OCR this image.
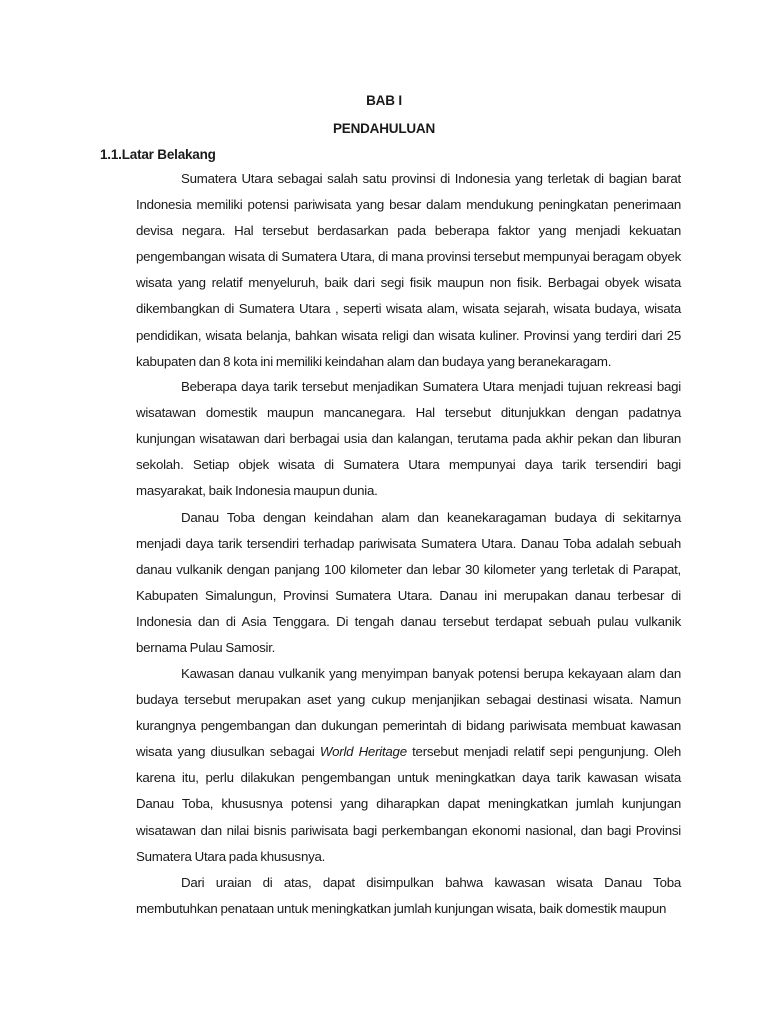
BAB I
PENDAHULUAN
1.1.Latar Belakang

Sumatera Utara sebagai salah satu provinsi di Indonesia yang terletak di bagian barat Indonesia memiliki potensi pariwisata yang besar dalam mendukung peningkatan penerimaan devisa negara. Hal tersebut berdasarkan pada beberapa faktor yang menjadi kekuatan pengembangan wisata di Sumatera Utara, di mana provinsi tersebut mempunyai beragam obyek wisata yang relatif menyeluruh, baik dari segi fisik maupun non fisik. Berbagai obyek wisata dikembangkan di Sumatera Utara , seperti wisata alam, wisata sejarah, wisata budaya, wisata pendidikan, wisata belanja, bahkan wisata religi dan wisata kuliner. Provinsi yang terdiri dari 25 kabupaten dan 8 kota ini memiliki keindahan alam dan budaya yang beranekaragam.

Beberapa daya tarik tersebut menjadikan Sumatera Utara menjadi tujuan rekreasi bagi wisatawan domestik maupun mancanegara. Hal tersebut ditunjukkan dengan padatnya kunjungan wisatawan dari berbagai usia dan kalangan, terutama pada akhir pekan dan liburan sekolah. Setiap objek wisata di Sumatera Utara mempunyai daya tarik tersendiri bagi masyarakat, baik Indonesia maupun dunia.

Danau Toba dengan keindahan alam dan keanekaragaman budaya di sekitarnya menjadi daya tarik tersendiri terhadap pariwisata Sumatera Utara. Danau Toba adalah sebuah danau vulkanik dengan panjang 100 kilometer dan lebar 30 kilometer yang terletak di Parapat, Kabupaten Simalungun, Provinsi Sumatera Utara. Danau ini merupakan danau terbesar di Indonesia dan di Asia Tenggara. Di tengah danau tersebut terdapat sebuah pulau vulkanik bernama Pulau Samosir.

Kawasan danau vulkanik yang menyimpan banyak potensi berupa kekayaan alam dan budaya tersebut merupakan aset yang cukup menjanjikan sebagai destinasi wisata. Namun kurangnya pengembangan dan dukungan pemerintah di bidang pariwisata membuat kawasan wisata yang diusulkan sebagai World Heritage tersebut menjadi relatif sepi pengunjung. Oleh karena itu, perlu dilakukan pengembangan untuk meningkatkan daya tarik kawasan wisata Danau Toba, khususnya potensi yang diharapkan dapat meningkatkan jumlah kunjungan wisatawan dan nilai bisnis pariwisata bagi perkembangan ekonomi nasional, dan bagi Provinsi Sumatera Utara pada khususnya.

Dari uraian di atas, dapat disimpulkan bahwa kawasan wisata Danau Toba membutuhkan penataan untuk meningkatkan jumlah kunjungan wisata, baik domestik maupun
